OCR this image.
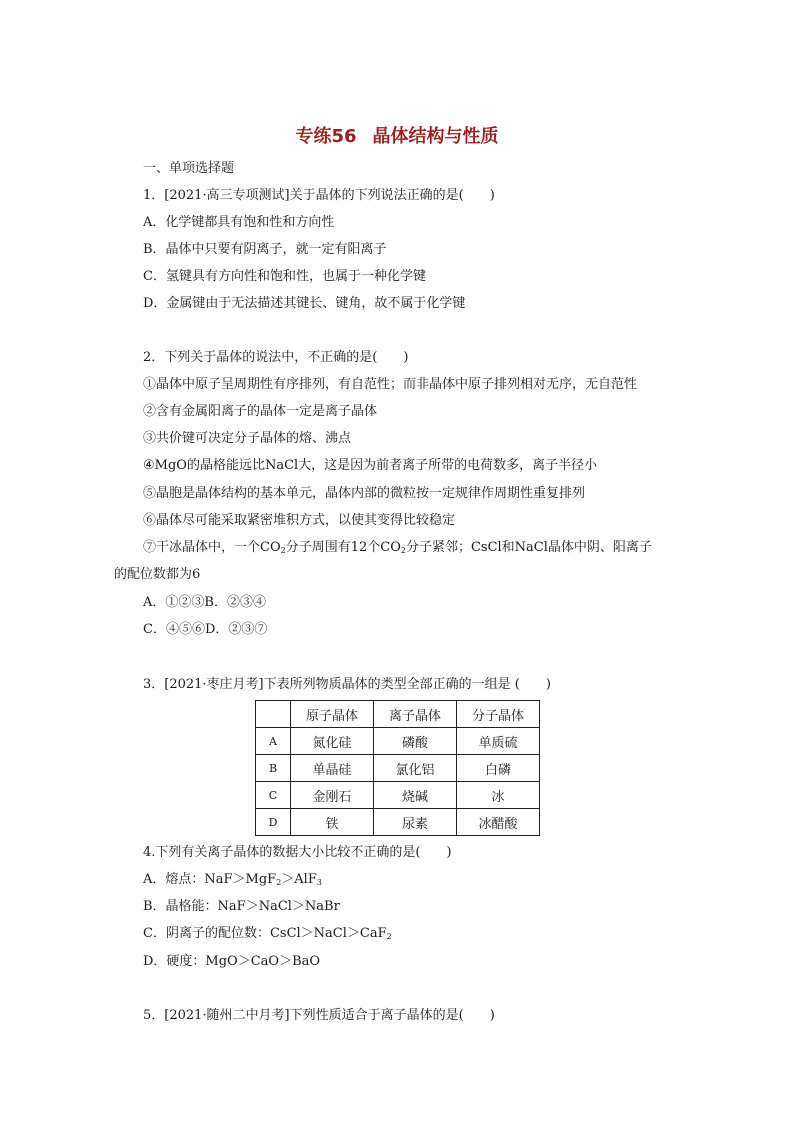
专练56 晶体结构与性质
一、单项选择题
1．[2021·高三专项测试]关于晶体的下列说法正确的是(　　)
A．化学键都具有饱和性和方向性
B．晶体中只要有阴离子，就一定有阳离子
C．氢键具有方向性和饱和性，也属于一种化学键
D．金属键由于无法描述其键长、键角，故不属于化学键
2．下列关于晶体的说法中，不正确的是(　　)
①晶体中原子呈周期性有序排列，有自范性；而非晶体中原子排列相对无序，无自范性
②含有金属阳离子的晶体一定是离子晶体
③共价键可决定分子晶体的熔、沸点
④MgO的晶格能远比NaCl大，这是因为前者离子所带的电荷数多，离子半径小
⑤晶胞是晶体结构的基本单元，晶体内部的微粒按一定规律作周期性重复排列
⑥晶体尽可能采取紧密堆积方式，以使其变得比较稳定
⑦干冰晶体中，一个$CO_2$分子周围有12个$CO_2$分子紧邻；CsCl和NaCl晶体中阴、阳离子
的配位数都为6
A．①②③B．②③④
C．④⑤⑥D．②③⑦
3．[2021·枣庄月考]下表所列物质晶体的类型全部正确的一组是 (　　)
	原子晶体	离子晶体	分子晶体
A	氮化硅	磷酸	单质硫
B	单晶硅	氯化铝	白磷
C	金刚石	烧碱	冰
D	铁	尿素	冰醋酸
4.下列有关离子晶体的数据大小比较不正确的是(　　)
A．熔点：NaF＞MgF$_2$＞AlF$_3$
B．晶格能：NaF＞NaCl＞NaBr
C．阴离子的配位数：CsCl＞NaCl＞CaF$_2$
D．硬度：MgO＞CaO＞BaO
5．[2021·随州二中月考]下列性质适合于离子晶体的是(　　)
